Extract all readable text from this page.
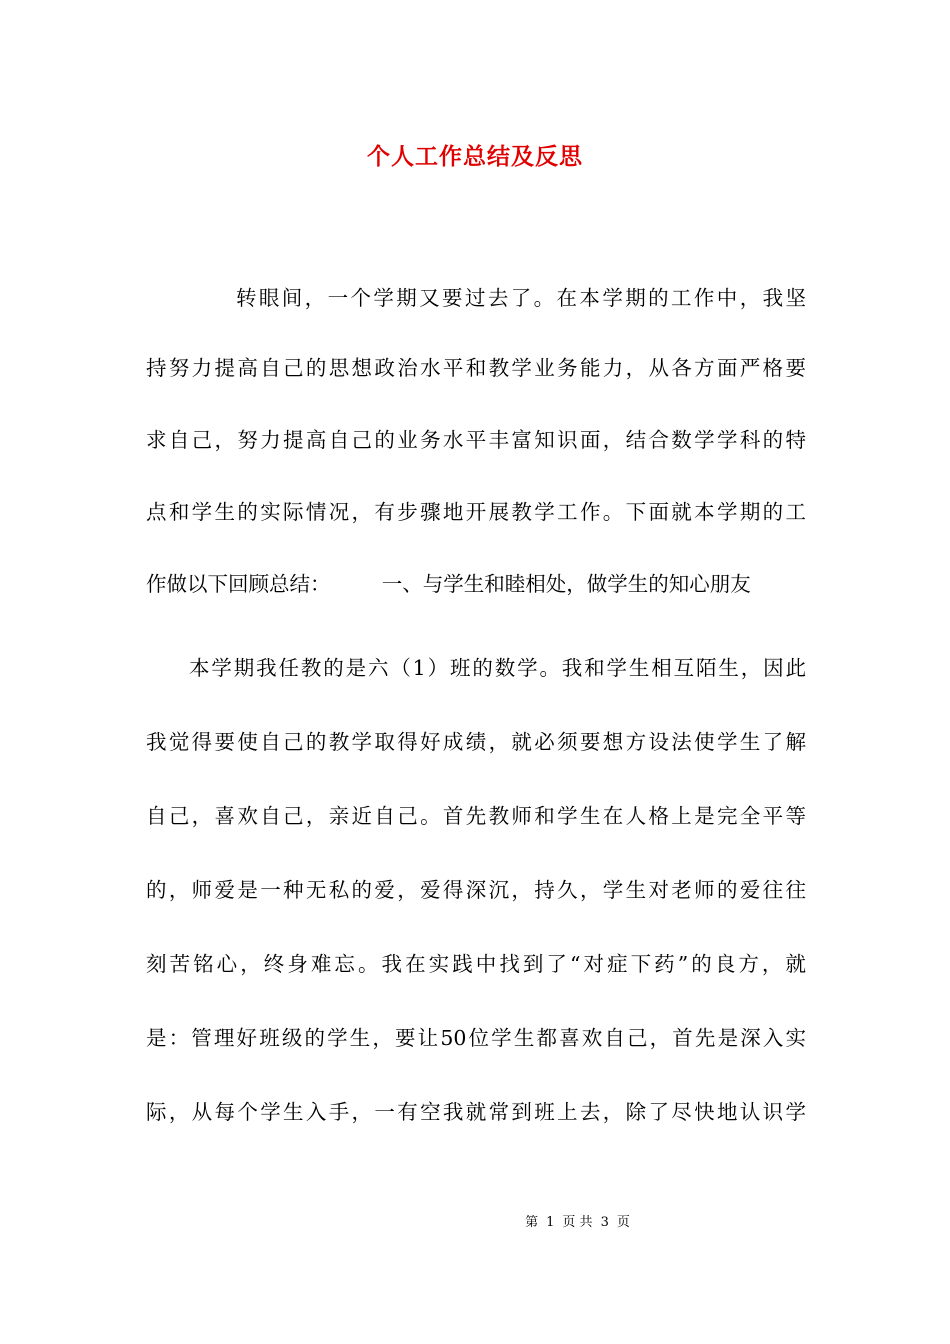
个人工作总结及反思
转眼间，一个学期又要过去了。在本学期的工作中，我坚
持努力提高自己的思想政治水平和教学业务能力，从各方面严格要
求自己，努力提高自己的业务水平丰富知识面，结合数学学科的特
点和学生的实际情况，有步骤地开展教学工作。下面就本学期的工
作做以下回顾总结：　　　一、与学生和睦相处，做学生的知心朋友
本学期我任教的是六（1）班的数学。我和学生相互陌生，因此
我觉得要使自己的教学取得好成绩，就必须要想方设法使学生了解
自己，喜欢自己，亲近自己。首先教师和学生在人格上是完全平等
的，师爱是一种无私的爱，爱得深沉，持久，学生对老师的爱往往
刻苦铭心，终身难忘。我在实践中找到了“对症下药”的良方，就
是：管理好班级的学生，要让50位学生都喜欢自己，首先是深入实
际，从每个学生入手，一有空我就常到班上去，除了尽快地认识学
第 1 页 共 3 页
